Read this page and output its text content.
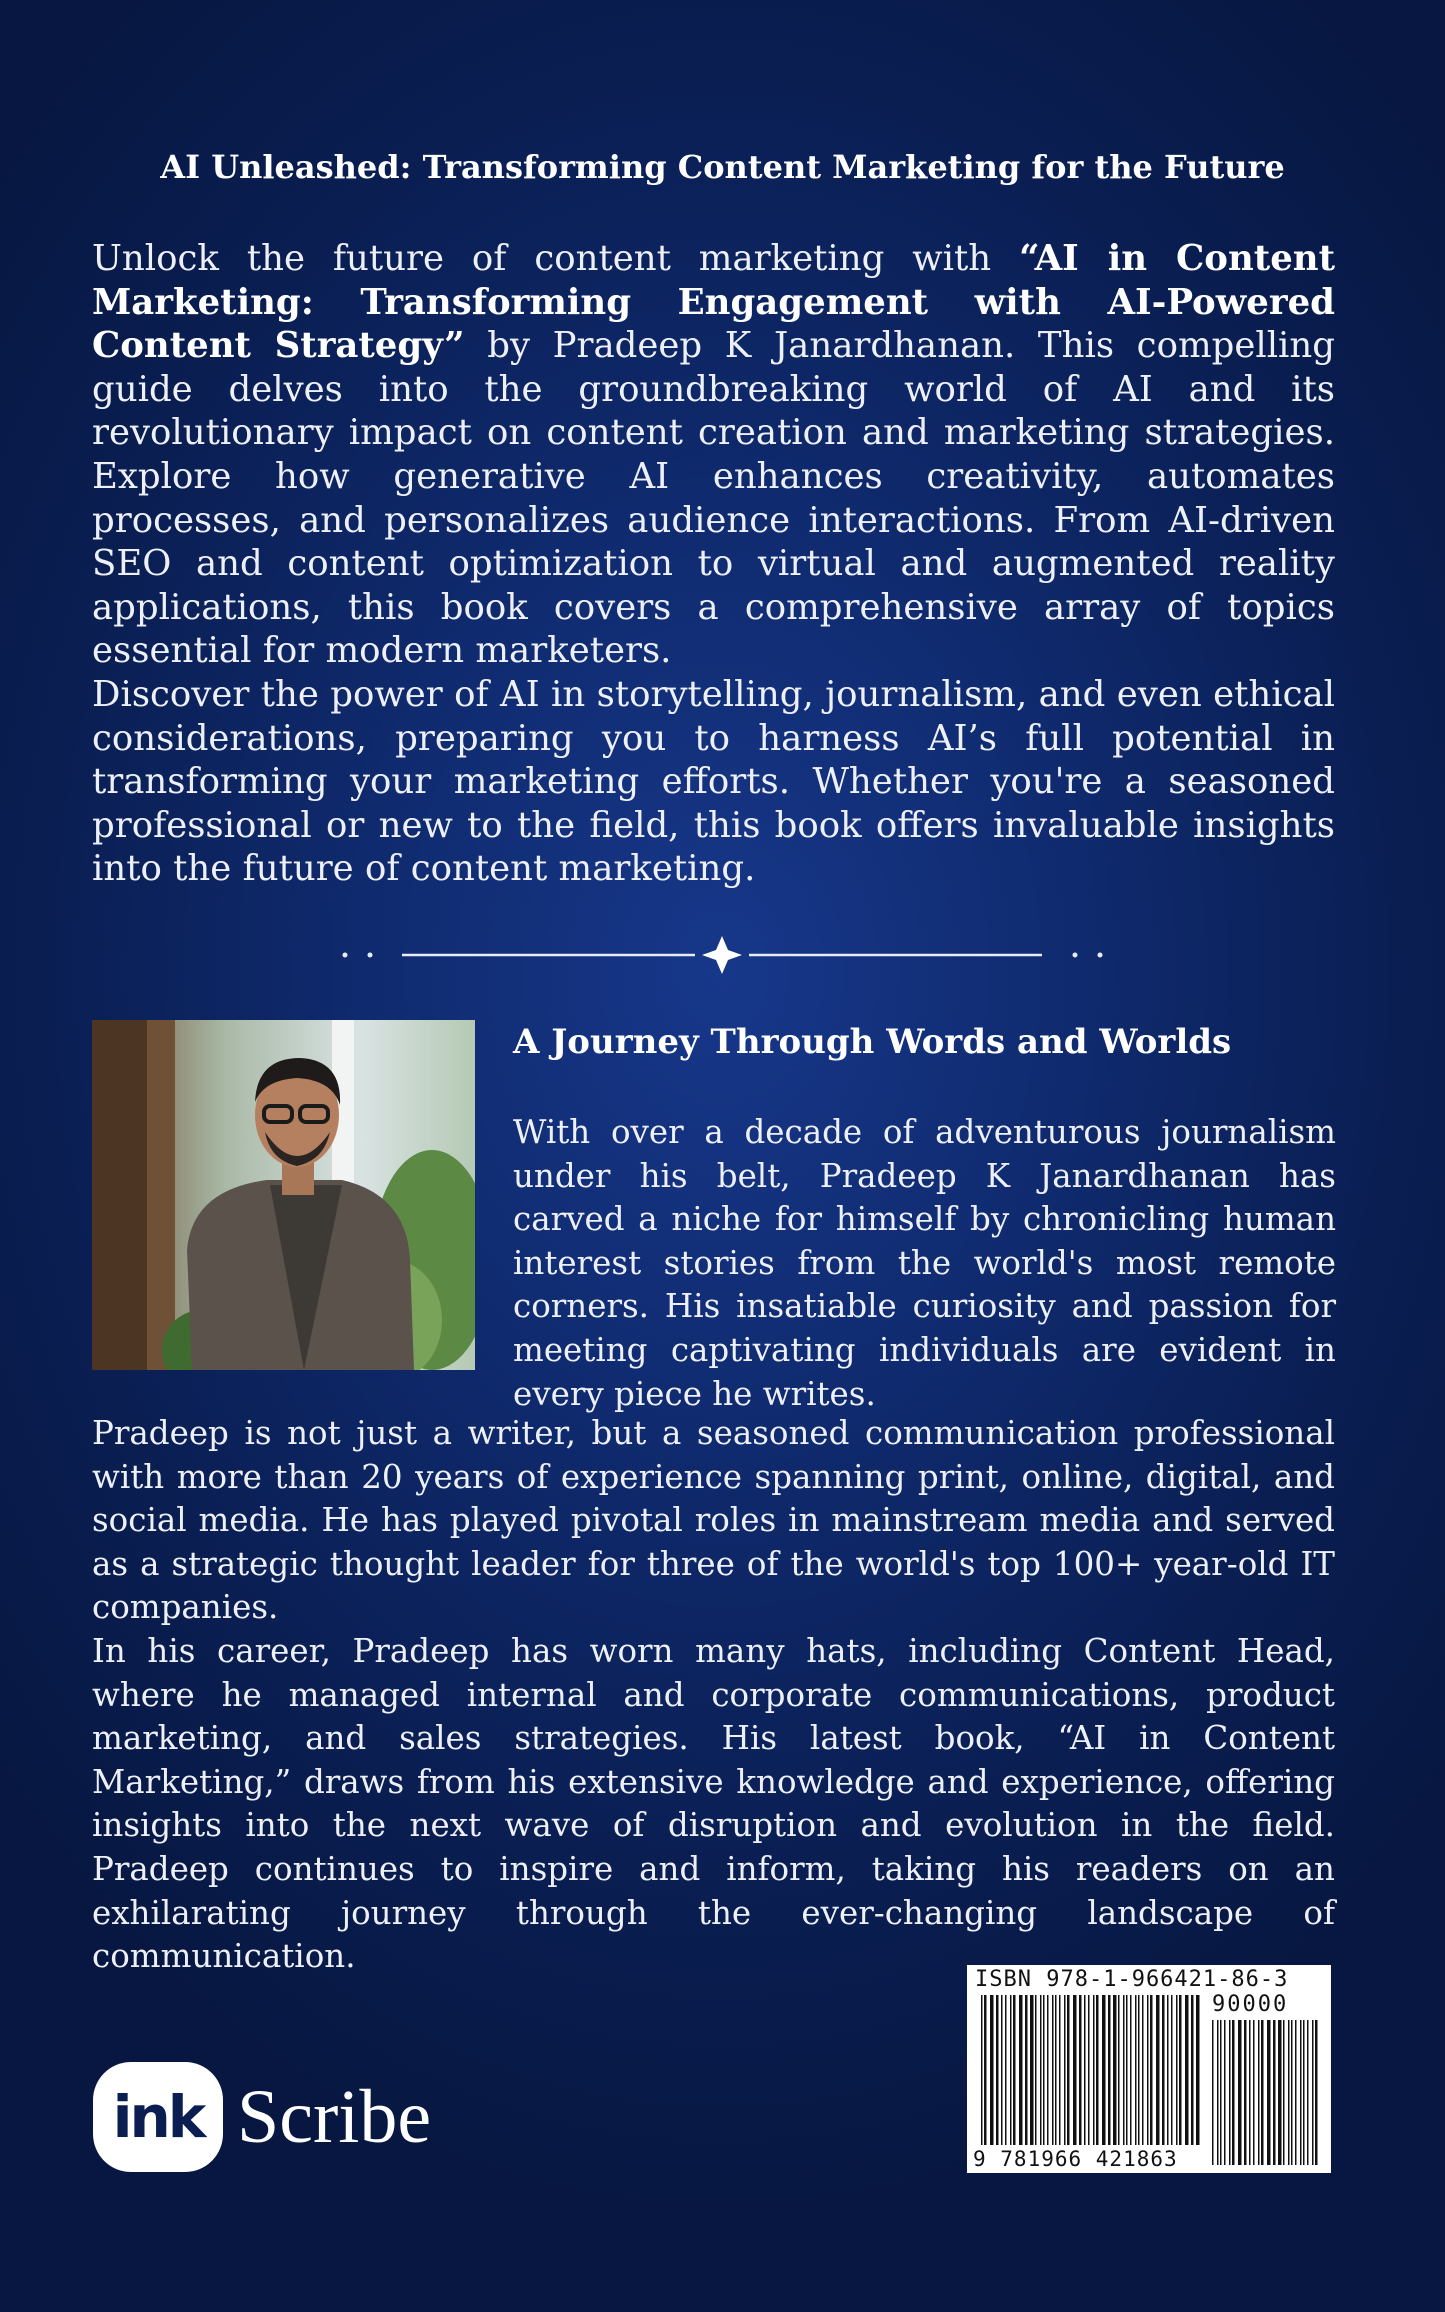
AI Unleashed: Transforming Content Marketing for the Future

Unlock the future of content marketing with “AI in Content Marketing: Transforming Engagement with AI-Powered Content Strategy” by Pradeep K Janardhanan. This compelling guide delves into the groundbreaking world of AI and its revolutionary impact on content creation and marketing strategies. Explore how generative AI enhances creativity, automates processes, and personalizes audience interactions. From AI-driven SEO and content optimization to virtual and augmented reality applications, this book covers a comprehensive array of topics essential for modern marketers.

Discover the power of AI in storytelling, journalism, and even ethical considerations, preparing you to harness AI’s full potential in transforming your marketing efforts. Whether you're a seasoned professional or new to the field, this book offers invaluable insights into the future of content marketing.

A Journey Through Words and Worlds

With over a decade of adventurous journalism under his belt, Pradeep K Janardhanan has carved a niche for himself by chronicling human interest stories from the world's most remote corners. His insatiable curiosity and passion for meeting captivating individuals are evident in every piece he writes.

Pradeep is not just a writer, but a seasoned communication professional with more than 20 years of experience spanning print, online, digital, and social media. He has played pivotal roles in mainstream media and served as a strategic thought leader for three of the world's top 100+ year-old IT companies.

In his career, Pradeep has worn many hats, including Content Head, where he managed internal and corporate communications, product marketing, and sales strategies. His latest book, “AI in Content Marketing,” draws from his extensive knowledge and experience, offering insights into the next wave of disruption and evolution in the field. Pradeep continues to inspire and inform, taking his readers on an exhilarating journey through the ever-changing landscape of communication.

ink Scribe
ISBN 978-1-966421-86-3
90000
9 781966 421863
